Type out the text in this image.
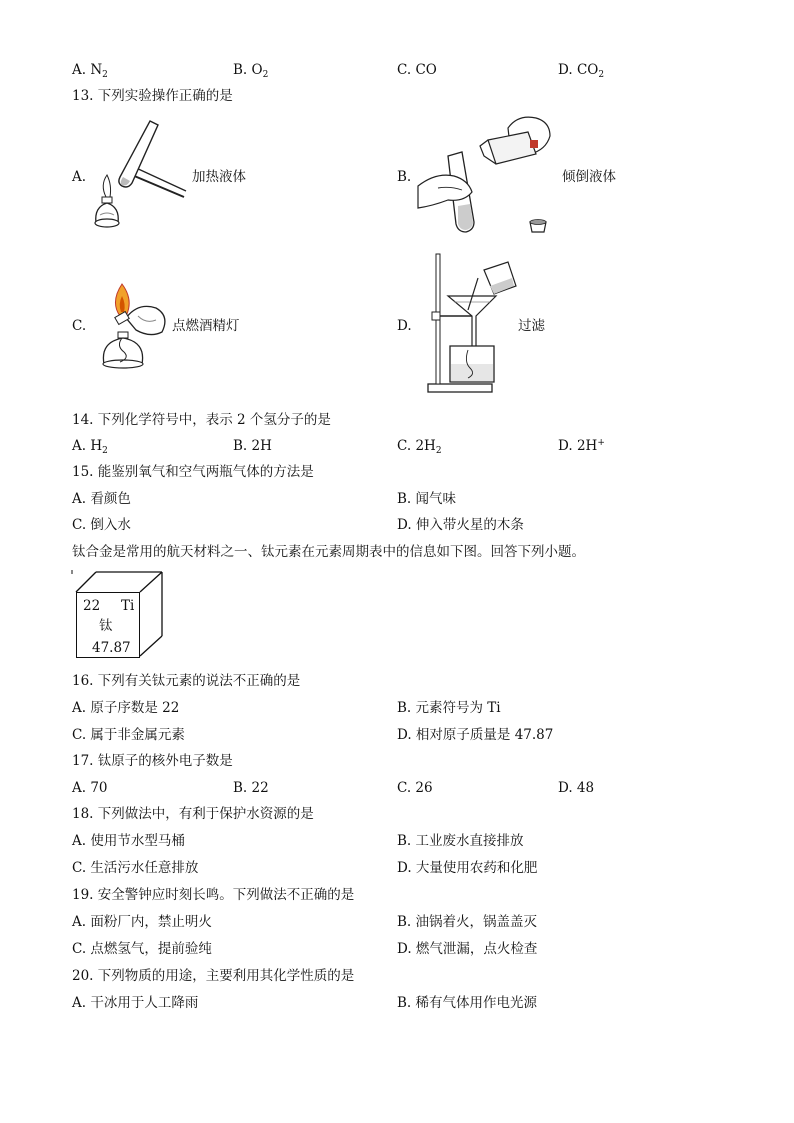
A. $N_2$	B. $O_2$	C. CO	D. $CO_2$
13. 下列实验操作正确的是
A.	加热液体	B.	倾倒液体
C.	点燃酒精灯	D.	过滤
14. 下列化学符号中，表示 2 个氢分子的是
A. $H_2$	B. 2H	C. $2H_2$	D. 2H+
15. 能鉴别氧气和空气两瓶气体的方法是
A. 看颜色	B. 闻气味
C. 倒入水	D. 伸入带火星的木条
钛合金是常用的航天材料之一、钛元素在元素周期表中的信息如下图。回答下列小题。
22 Ti
钛
47.87
16. 下列有关钛元素的说法不正确的是
A. 原子序数是 22	B. 元素符号为 Ti
C. 属于非金属元素	D. 相对原子质量是 47.87
17. 钛原子的核外电子数是
A. 70	B. 22	C. 26	D. 48
18. 下列做法中，有利于保护水资源的是
A. 使用节水型马桶	B. 工业废水直接排放
C. 生活污水任意排放	D. 大量使用农药和化肥
19. 安全警钟应时刻长鸣。下列做法不正确的是
A. 面粉厂内，禁止明火	B. 油锅着火，锅盖盖灭
C. 点燃氢气，提前验纯	D. 燃气泄漏，点火检查
20. 下列物质的用途，主要利用其化学性质的是
A. 干冰用于人工降雨	B. 稀有气体用作电光源
